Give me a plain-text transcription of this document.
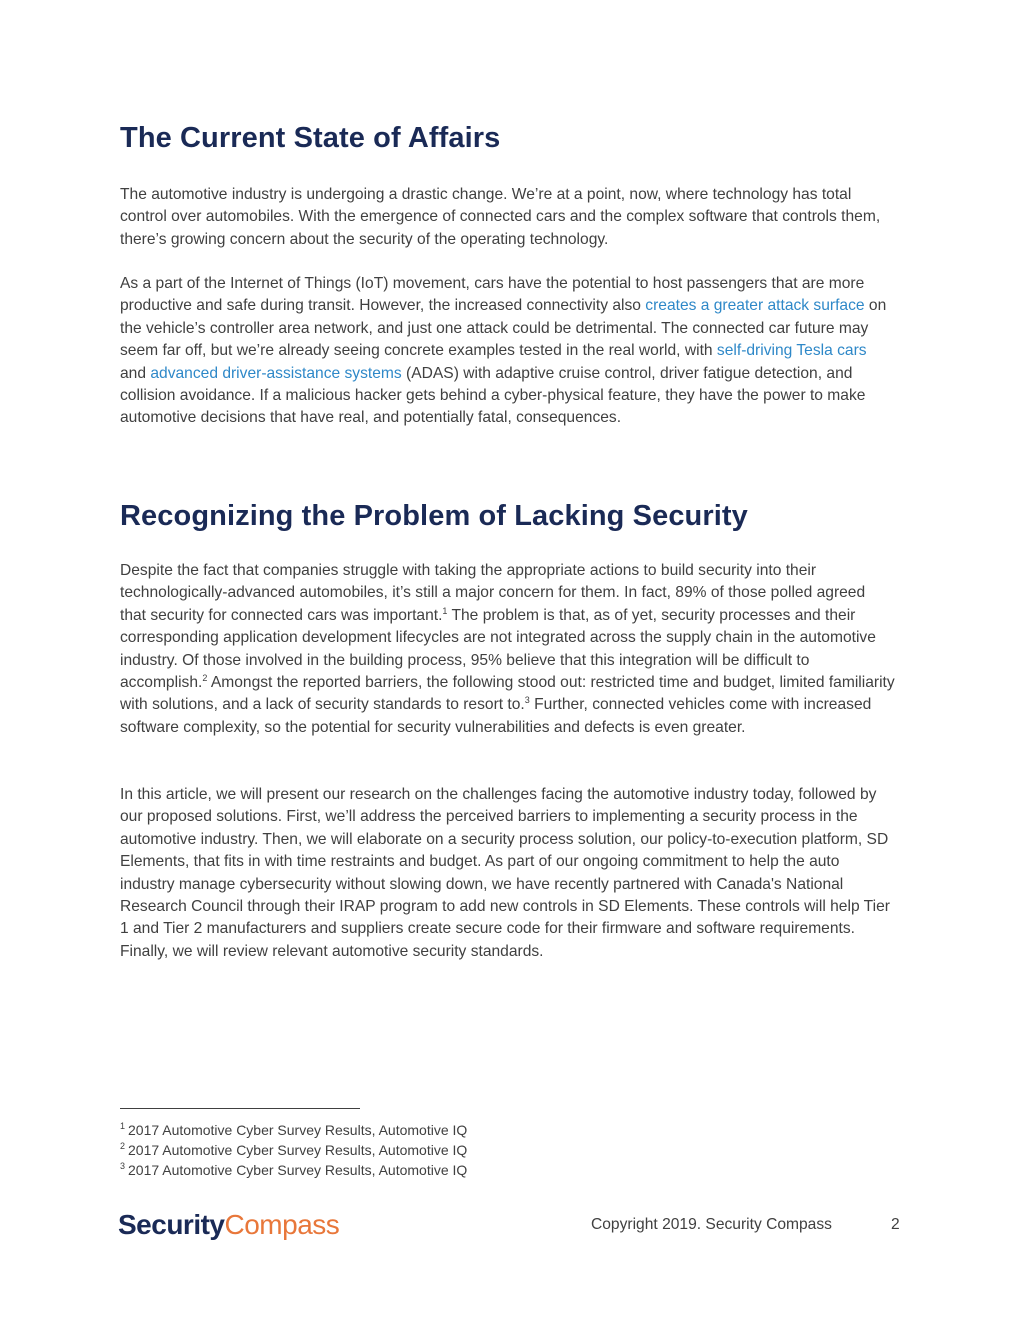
The Current State of Affairs

The automotive industry is undergoing a drastic change. We’re at a point, now, where technology has total control over automobiles. With the emergence of connected cars and the complex software that controls them, there’s growing concern about the security of the operating technology.

As a part of the Internet of Things (IoT) movement, cars have the potential to host passengers that are more productive and safe during transit. However, the increased connectivity also creates a greater attack surface on the vehicle’s controller area network, and just one attack could be detrimental. The connected car future may seem far off, but we’re already seeing concrete examples tested in the real world, with self-driving Tesla cars and advanced driver-assistance systems (ADAS) with adaptive cruise control, driver fatigue detection, and collision avoidance. If a malicious hacker gets behind a cyber-physical feature, they have the power to make automotive decisions that have real, and potentially fatal, consequences.

Recognizing the Problem of Lacking Security

Despite the fact that companies struggle with taking the appropriate actions to build security into their technologically-advanced automobiles, it’s still a major concern for them. In fact, 89% of those polled agreed that security for connected cars was important.$^1$ The problem is that, as of yet, security processes and their corresponding application development lifecycles are not integrated across the supply chain in the automotive industry. Of those involved in the building process, 95% believe that this integration will be difficult to accomplish.$^2$ Amongst the reported barriers, the following stood out: restricted time and budget, limited familiarity with solutions, and a lack of security standards to resort to.$^3$ Further, connected vehicles come with increased software complexity, so the potential for security vulnerabilities and defects is even greater.

In this article, we will present our research on the challenges facing the automotive industry today, followed by our proposed solutions. First, we’ll address the perceived barriers to implementing a security process in the automotive industry. Then, we will elaborate on a security process solution, our policy-to-execution platform, SD Elements, that fits in with time restraints and budget. As part of our ongoing commitment to help the auto industry manage cybersecurity without slowing down, we have recently partnered with Canada's National Research Council through their IRAP program to add new controls in SD Elements. These controls will help Tier 1 and Tier 2 manufacturers and suppliers create secure code for their firmware and software requirements. Finally, we will review relevant automotive security standards.

$^1$ 2017 Automotive Cyber Survey Results, Automotive IQ
$^2$ 2017 Automotive Cyber Survey Results, Automotive IQ
$^3$ 2017 Automotive Cyber Survey Results, Automotive IQ
SecurityCompass	Copyright 2019. Security Compass	2
